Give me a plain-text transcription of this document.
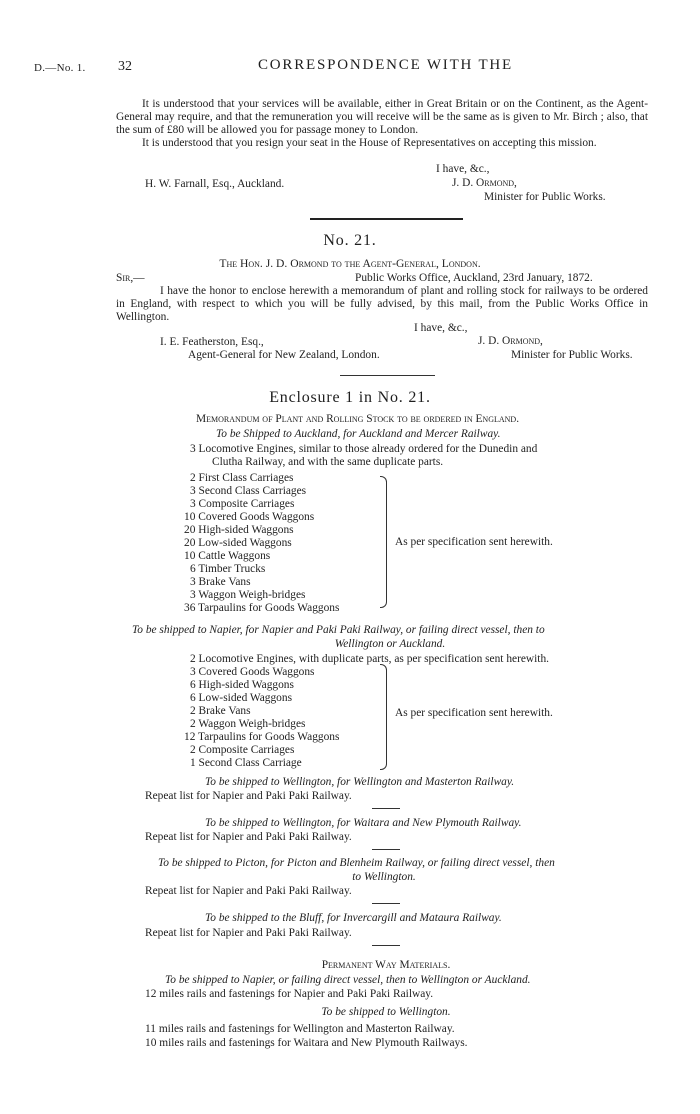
D.—No. 1. 32	CORRESPONDENCE WITH THE
It is understood that your services will be available, either in Great Britain or on the Continent, as the Agent-General may require, and that the remuneration you will receive will be the same as is given to Mr. Birch ; also, that the sum of £80 will be allowed you for passage money to London.
It is understood that you resign your seat in the House of Representatives on accepting this mission.
I have, &c.,
H. W. Farnall, Esq., Auckland.	J. D. Ormond,
Minister for Public Works.
No. 21.
The Hon. J. D. Ormond to the Agent-General, London.
Sir,—	Public Works Office, Auckland, 23rd January, 1872.
I have the honor to enclose herewith a memorandum of plant and rolling stock for railways to be ordered in England, with respect to which you will be fully advised, by this mail, from the Public Works Office in Wellington.
I have, &c.,
I. E. Featherston, Esq.,	J. D. Ormond,
Agent-General for New Zealand, London.	Minister for Public Works.
Enclosure 1 in No. 21.
Memorandum of Plant and Rolling Stock to be ordered in England.
To be Shipped to Auckland, for Auckland and Mercer Railway.
3 Locomotive Engines, similar to those already ordered for the Dunedin and
Clutha Railway, and with the same duplicate parts.
2 First Class Carriages
3 Second Class Carriages
3 Composite Carriages
10 Covered Goods Waggons
20 High-sided Waggons
20 Low-sided Waggons
10 Cattle Waggons
6 Timber Trucks
3 Brake Vans
3 Waggon Weigh-bridges
36 Tarpaulins for Goods Waggons
As per specification sent herewith.
To be shipped to Napier, for Napier and Paki Paki Railway, or failing direct vessel, then to
Wellington or Auckland.
2 Locomotive Engines, with duplicate parts, as per specification sent herewith.
3 Covered Goods Waggons
6 High-sided Waggons
6 Low-sided Waggons
2 Brake Vans
2 Waggon Weigh-bridges
12 Tarpaulins for Goods Waggons
2 Composite Carriages
1 Second Class Carriage
As per specification sent herewith.
To be shipped to Wellington, for Wellington and Masterton Railway.
Repeat list for Napier and Paki Paki Railway.
To be shipped to Wellington, for Waitara and New Plymouth Railway.
Repeat list for Napier and Paki Paki Railway.
To be shipped to Picton, for Picton and Blenheim Railway, or failing direct vessel, then
to Wellington.
Repeat list for Napier and Paki Paki Railway.
To be shipped to the Bluff, for Invercargill and Mataura Railway.
Repeat list for Napier and Paki Paki Railway.
Permanent Way Materials.
To be shipped to Napier, or failing direct vessel, then to Wellington or Auckland.
12 miles rails and fastenings for Napier and Paki Paki Railway.
To be shipped to Wellington.
11 miles rails and fastenings for Wellington and Masterton Railway.
10 miles rails and fastenings for Waitara and New Plymouth Railways.
